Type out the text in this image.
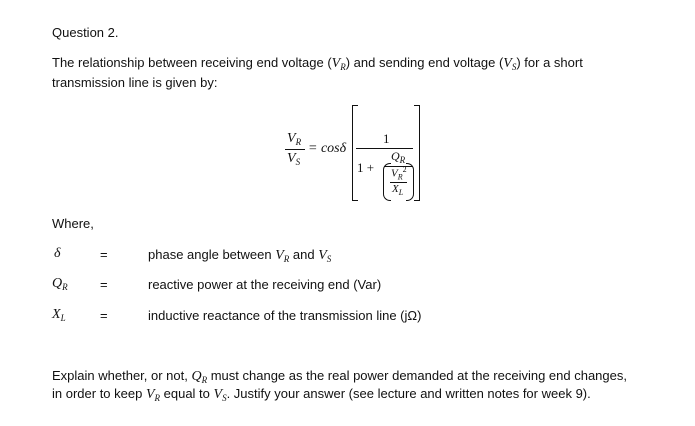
Question 2.
The relationship between receiving end voltage $(V_R)$ and sending end voltage $(V_S)$ for a short
transmission line is given by:
$V_R$
$V_S$
= cosδ
1
1 +
$Q_R$
$V_R^2$
$X_L$
Where,
δ	=	phase angle between $V_R$ and $V_S$
$Q_R$ =	reactive power at the receiving end (Var)
$X_L$	=	inductive reactance of the transmission line (jΩ)
Explain whether, or not, $Q_R$ must change as the real power demanded at the receiving end changes,
in order to keep $V_R$ equal to $V_S$. Justify your answer (see lecture and written notes for week 9).
